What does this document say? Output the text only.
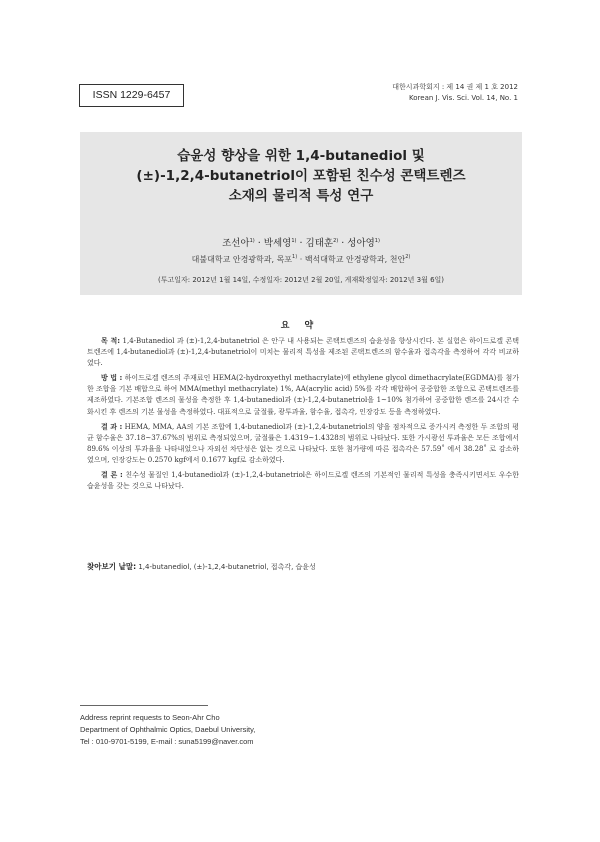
ISSN 1229-6457
대한시과학회지 : 제 14 권 제 1 호 2012
Korean J. Vis. Sci. Vol. 14, No. 1
습윤성 향상을 위한 1,4-butanediol 및
(±)-1,2,4-butanetriol이 포함된 친수성 콘택트렌즈
소재의 물리적 특성 연구
조선아$^{1)}$ · 박세영$^{1)}$ · 김태훈$^{2)}$ · 성아영$^{1)}$
대불대학교 안경광학과, 목포$^{1)}$ · 백석대학교 안경광학과, 천안$^{2)}$
(투고일자: 2012년 1월 14일, 수정일자: 2012년 2월 20일, 게재확정일자: 2012년 3월 6일)
요 약

목 적: 1,4-Butanediol 과 (±)-1,2,4-butanetriol 은 안구 내 사용되는 콘택트렌즈의 습윤성을 향상시킨다. 본 실험은 하이드로겔 콘택트렌즈에 1,4-butanediol과 (±)-1,2,4-butanetriol이 미치는 물리적 특성을 제조된 콘택트렌즈의 함수율과 접촉각을 측정하여 각각 비교하였다.

방 법 : 하이드로겔 렌즈의 주재료인 HEMA(2-hydroxyethyl methacrylate)에 ethylene glycol dimethacrylate(EGDMA)를 첨가한 조합을 기본 배합으로 하여 MMA(methyl methacrylate) 1%, AA(acrylic acid) 5%를 각각 배합하여 공중합한 조합으로 콘택트렌즈를 제조하였다. 기본조합 렌즈의 물성을 측정한 후 1,4-butanediol과 (±)-1,2,4-butanetriol을 1~10% 첨가하여 공중합한 렌즈를 24시간 수화시킨 후 렌즈의 기본 물성을 측정하였다. 대표적으로 굴절률, 광투과율, 함수율, 접촉각, 인장강도 등을 측정하였다.

결 과 : HEMA, MMA, AA의 기본 조합에 1,4-butanediol과 (±)-1,2,4-butanetriol의 양을 점차적으로 증가시켜 측정한 두 조합의 평균 함수율은 37.18~37.67%의 범위로 측정되었으며, 굴절률은 1.4319~1.4328의 범위로 나타났다. 또한 가시광선 투과율은 모든 조합에서 89.6% 이상의 투과율을 나타내었으나 자외선 차단성은 없는 것으로 나타났다. 또한 첨가량에 따른 접촉각은 57.59˚ 에서 38.28˚ 로 감소하였으며, 인장강도는 0.2570 kgf에서 0.1677 kgf로 감소하였다.

결 론 : 친수성 물질인 1,4-butanediol과 (±)-1,2,4-butanetriol은 하이드로겔 렌즈의 기본적인 물리적 특성을 충족시키면서도 우수한 습윤성을 갖는 것으로 나타났다.

찾아보기 낱말: 1,4-butanediol, (±)-1,2,4-butanetriol, 접촉각, 습윤성
Address reprint requests to Seon-Ahr Cho
Department of Ophthalmic Optics, Daebul University,
Tel : 010-9701-5199, E-mail : suna5199@naver.com
